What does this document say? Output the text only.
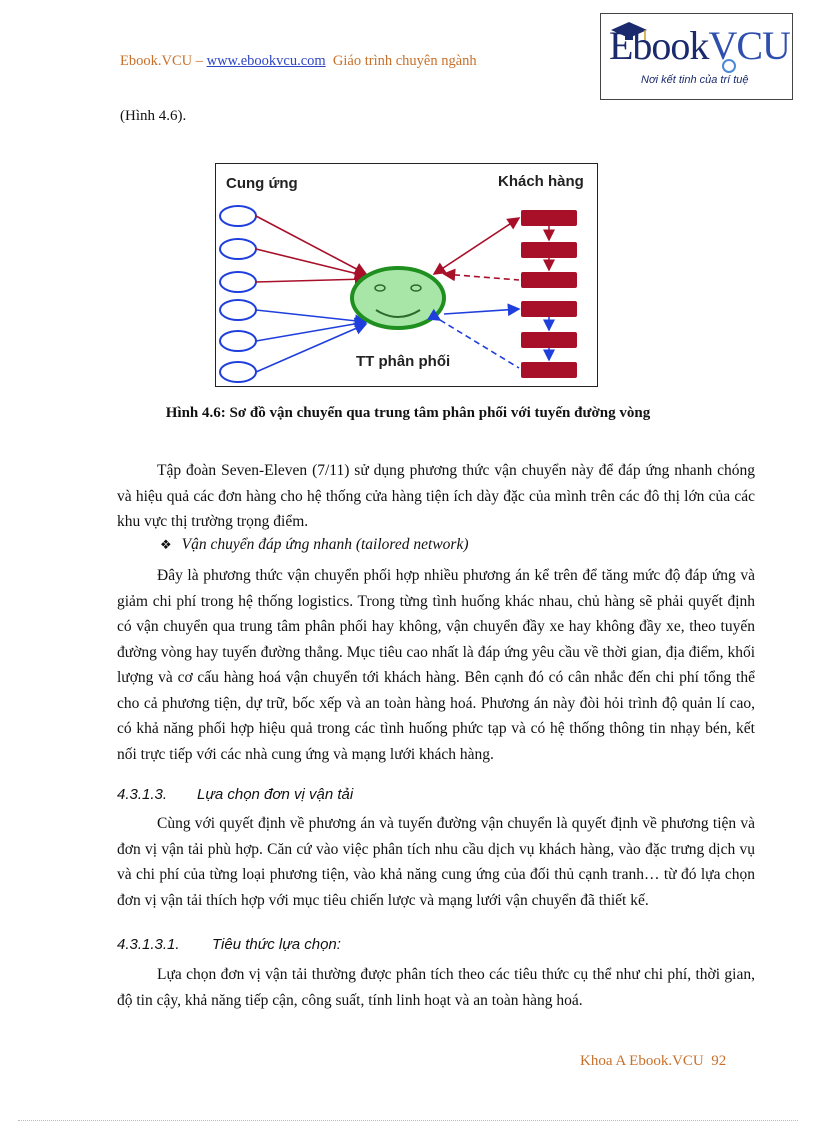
Ebook.VCU – www.ebookvcu.com Giáo trình chuyên ngành	EbookVCU
Nơi kết tinh của trí tuệ
(Hình 4.6).
Cung ứng	Khách hàng
TT phân phối
Hình 4.6: Sơ đồ vận chuyển qua trung tâm phân phối với tuyến đường vòng
Tập đoàn Seven-Eleven (7/11) sử dụng phương thức vận chuyển này để đáp ứng nhanh chóng và hiệu quả các đơn hàng cho hệ thống cửa hàng tiện ích dày đặc của mình trên các đô thị lớn của các khu vực thị trường trọng điểm.
❖ Vận chuyển đáp ứng nhanh (tailored network)
Đây là phương thức vận chuyển phối hợp nhiều phương án kể trên để tăng mức độ đáp ứng và giảm chi phí trong hệ thống logistics. Trong từng tình huống khác nhau, chủ hàng sẽ phải quyết định có vận chuyển qua trung tâm phân phối hay không, vận chuyển đầy xe hay không đầy xe, theo tuyến đường vòng hay tuyến đường thẳng. Mục tiêu cao nhất là đáp ứng yêu cầu về thời gian, địa điểm, khối lượng và cơ cấu hàng hoá vận chuyển tới khách hàng. Bên cạnh đó có cân nhắc đến chi phí tổng thể cho cả phương tiện, dự trữ, bốc xếp và an toàn hàng hoá. Phương án này đòi hỏi trình độ quản lí cao, có khả năng phối hợp hiệu quả trong các tình huống phức tạp và có hệ thống thông tin nhạy bén, kết nối trực tiếp với các nhà cung ứng và mạng lưới khách hàng.
4.3.1.3. Lựa chọn đơn vị vận tải
Cùng với quyết định về phương án và tuyến đường vận chuyển là quyết định về phương tiện và đơn vị vận tải phù hợp. Căn cứ vào việc phân tích nhu cầu dịch vụ khách hàng, vào đặc trưng dịch vụ và chi phí của từng loại phương tiện, vào khả năng cung ứng của đối thủ cạnh tranh… từ đó lựa chọn đơn vị vận tải thích hợp với mục tiêu chiến lược và mạng lưới vận chuyển đã thiết kế.
4.3.1.3.1. Tiêu thức lựa chọn:
Lựa chọn đơn vị vận tải thường được phân tích theo các tiêu thức cụ thể như chi phí, thời gian, độ tin cậy, khả năng tiếp cận, công suất, tính linh hoạt và an toàn hàng hoá.
Khoa A Ebook.VCU 92
